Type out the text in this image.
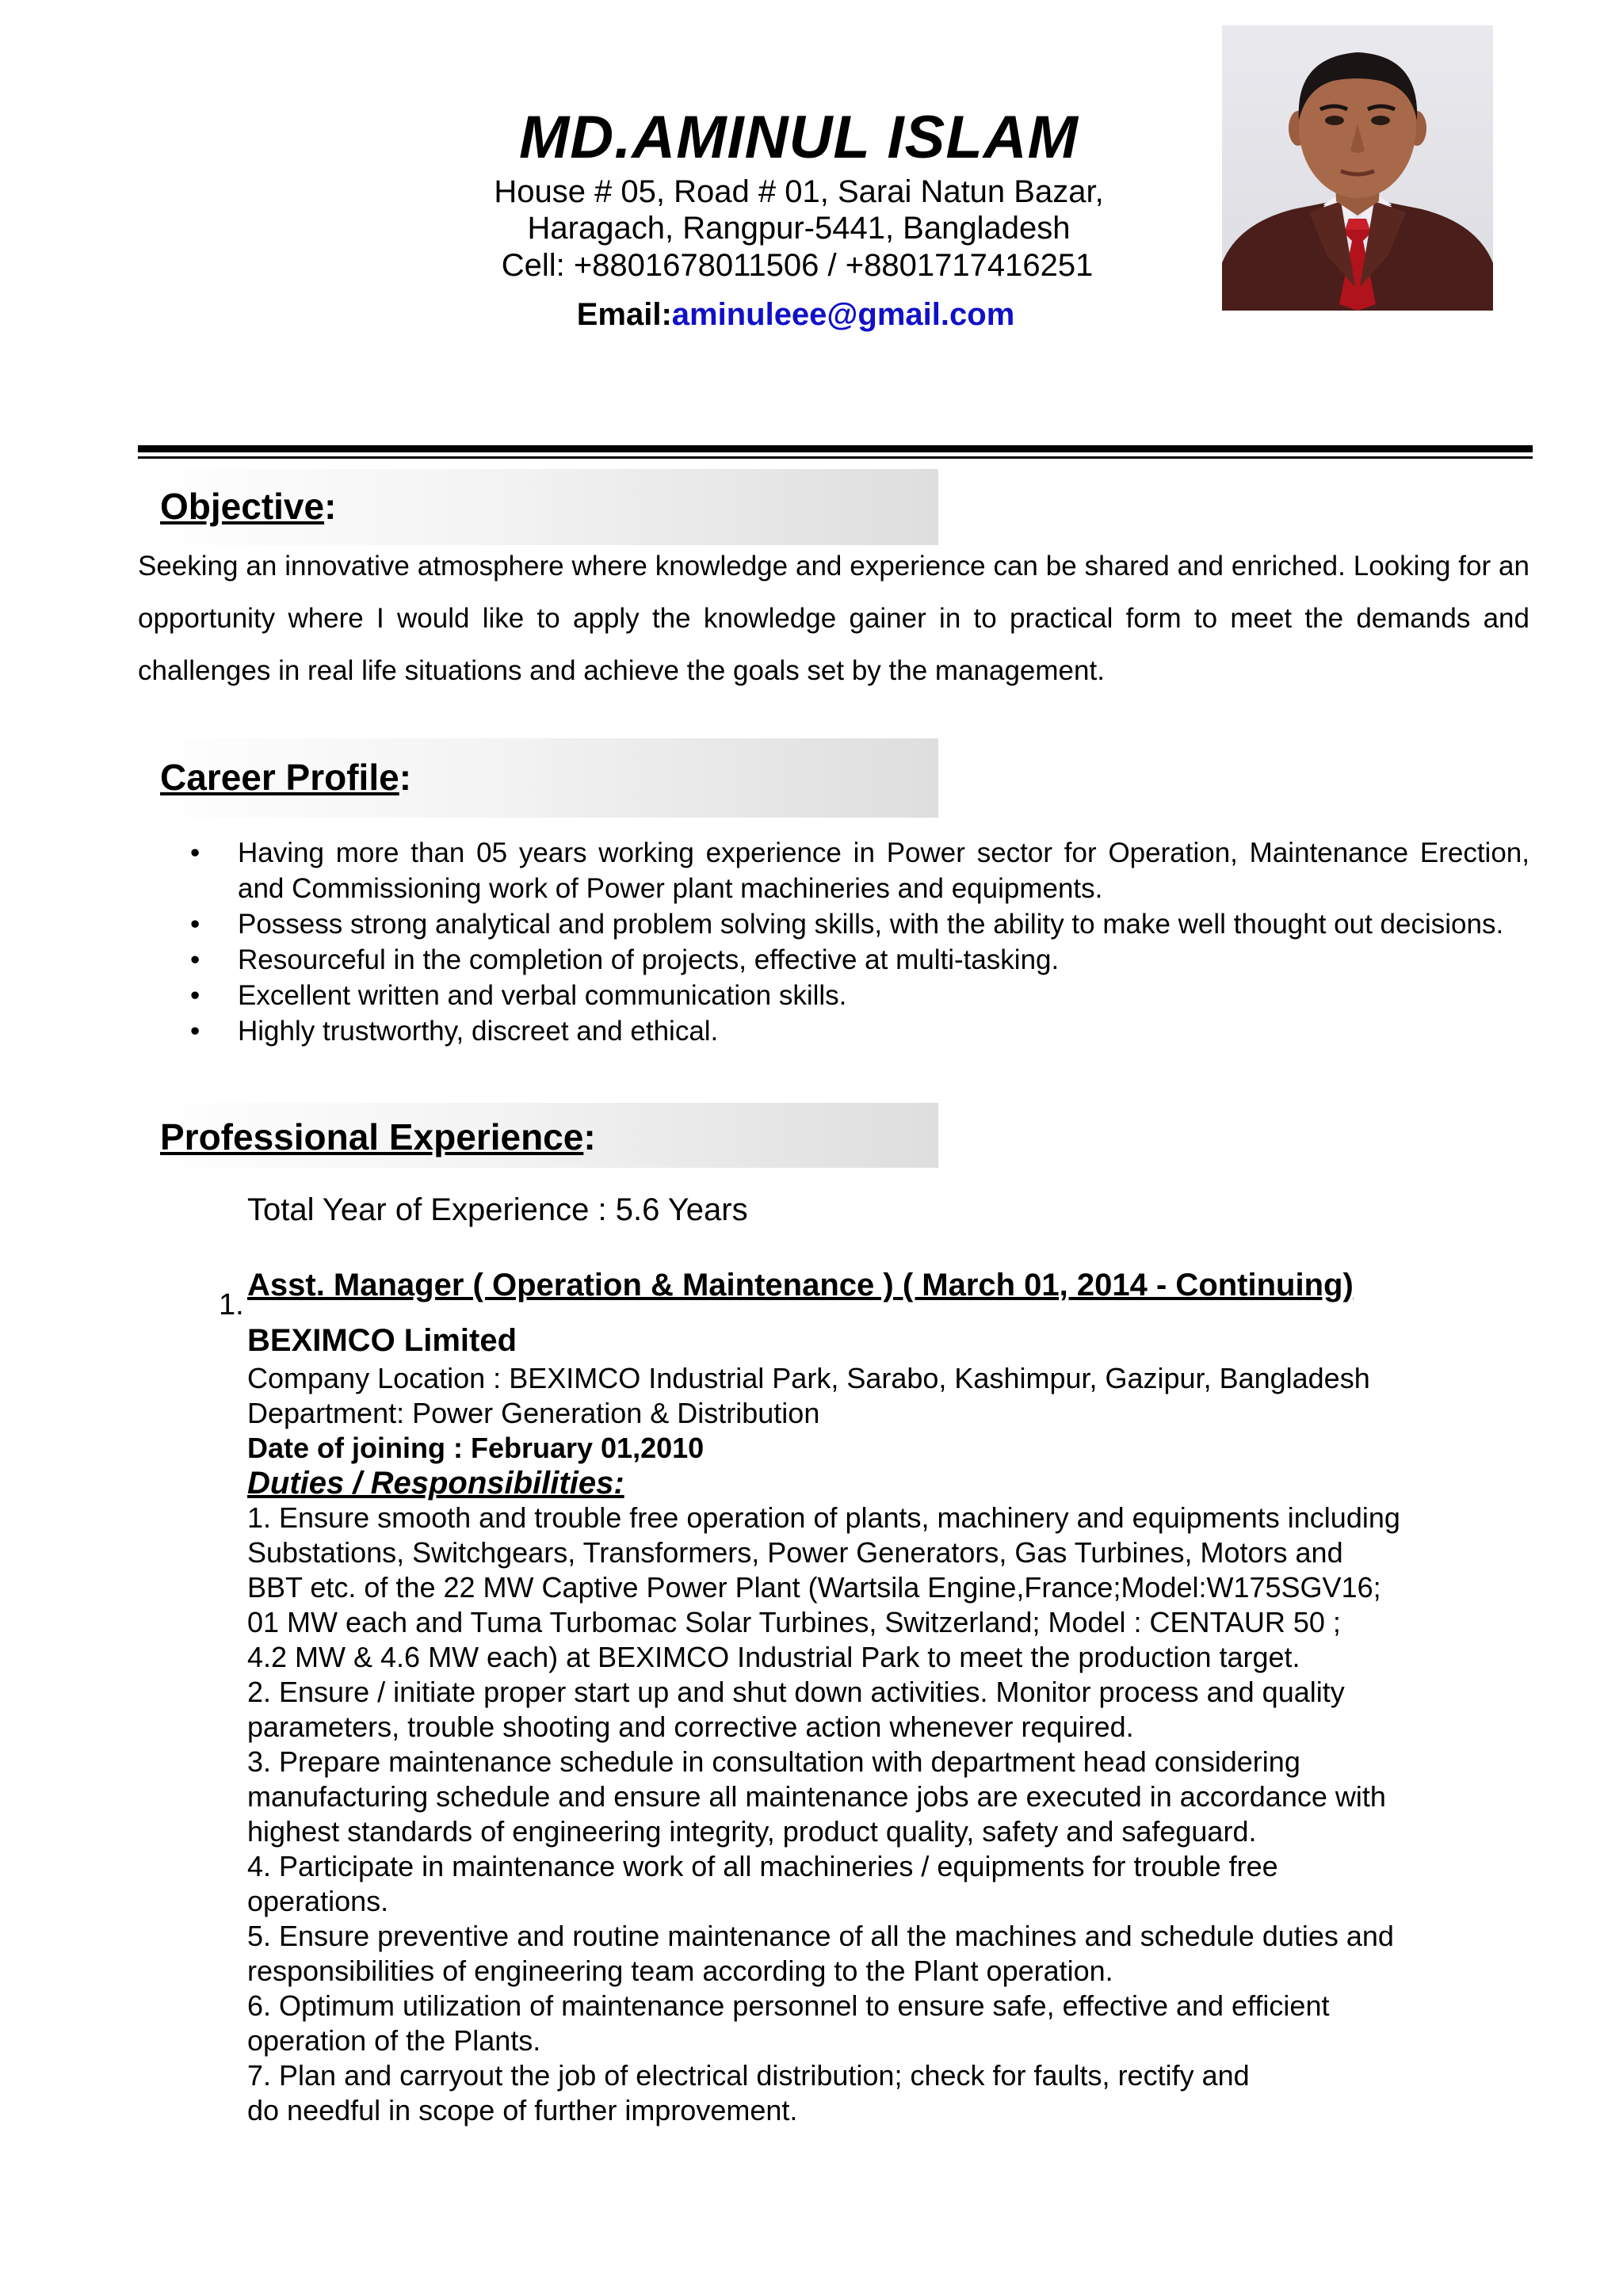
MD.AMINUL ISLAM
House # 05, Road # 01, Sarai Natun Bazar,
Haragach, Rangpur-5441, Bangladesh
Cell: +8801678011506 / +8801717416251
Email:aminuleee@gmail.com
Objective:
Seeking an innovative atmosphere where knowledge and experience can be shared and enriched. Looking for an opportunity where I would like to apply the knowledge gainer in to practical form to meet the demands and challenges in real life situations and achieve the goals set by the management.
Career Profile:
• Having more than 05 years working experience in Power sector for Operation, Maintenance Erection, and Commissioning work of Power plant machineries and equipments.
• Possess strong analytical and problem solving skills, with the ability to make well thought out decisions.
• Resourceful in the completion of projects, effective at multi-tasking.
• Excellent written and verbal communication skills.
• Highly trustworthy, discreet and ethical.
Professional Experience:
Total Year of Experience : 5.6 Years
1.
Asst. Manager ( Operation & Maintenance ) ( March 01, 2014 - Continuing)
BEXIMCO Limited
Company Location : BEXIMCO Industrial Park, Sarabo, Kashimpur, Gazipur, Bangladesh
Department: Power Generation & Distribution
Date of joining : February 01,2010
Duties / Responsibilities:
1. Ensure smooth and trouble free operation of plants, machinery and equipments including
Substations, Switchgears, Transformers, Power Generators, Gas Turbines, Motors and
BBT etc. of the 22 MW Captive Power Plant (Wartsila Engine,France;Model:W175SGV16;
01 MW each and Tuma Turbomac Solar Turbines, Switzerland; Model : CENTAUR 50 ;
4.2 MW & 4.6 MW each) at BEXIMCO Industrial Park to meet the production target.
2. Ensure / initiate proper start up and shut down activities. Monitor process and quality
parameters, trouble shooting and corrective action whenever required.
3. Prepare maintenance schedule in consultation with department head considering
manufacturing schedule and ensure all maintenance jobs are executed in accordance with
highest standards of engineering integrity, product quality, safety and safeguard.
4. Participate in maintenance work of all machineries / equipments for trouble free
operations.
5. Ensure preventive and routine maintenance of all the machines and schedule duties and
responsibilities of engineering team according to the Plant operation.
6. Optimum utilization of maintenance personnel to ensure safe, effective and efficient
operation of the Plants.
7. Plan and carryout the job of electrical distribution; check for faults, rectify and
do needful in scope of further improvement.
